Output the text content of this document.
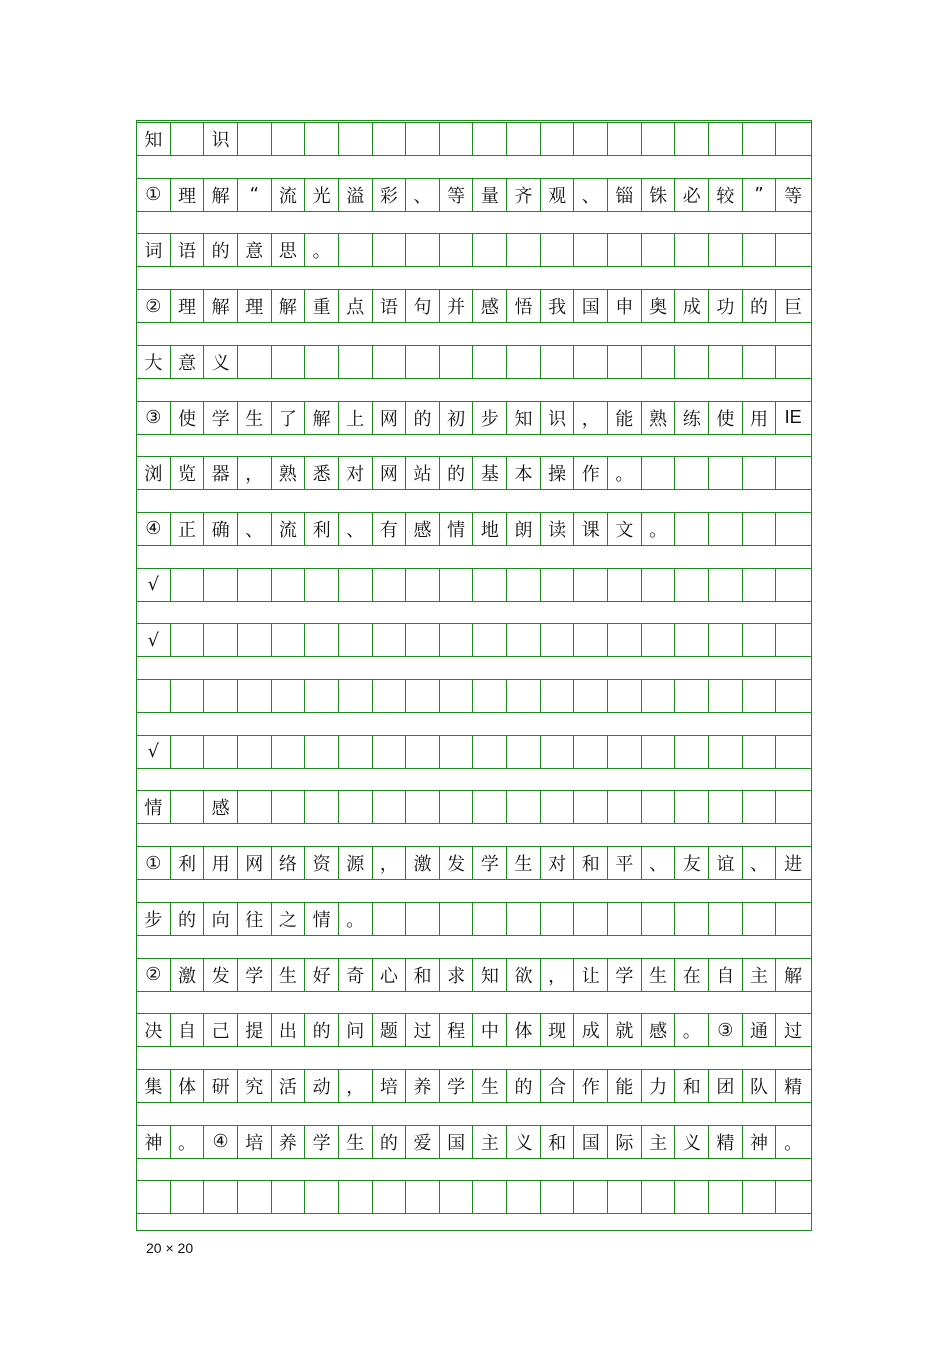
知	识
① 理 解	“	流 光 溢 彩 、 等 量 齐 观 、 锱 铢 必 较	”	等
词 语 的 意 思 。
② 理 解 理 解 重 点 语 句 并 感 悟 我 国 申 奥 成 功 的 巨
大 意 义
③ 使 学 生 了 解 上 网 的 初 步 知 识 ， 能 熟 练 使 用 IE
浏 览 器 ， 熟 悉 对 网 站 的 基 本 操 作 。
④ 正 确 、 流 利 、 有 感 情 地 朗 读 课 文 。
√
√
√
情	感
① 利 用 网 络 资 源 ， 激 发 学 生 对 和 平 、 友 谊 、 进
步 的 向 往 之 情 。
② 激 发 学 生 好 奇 心 和 求 知 欲 ， 让 学 生 在 自 主 解
决 自 己 提 出 的 问 题 过 程 中 体 现 成 就 感 。 ③ 通 过
集 体 研 究 活 动 ， 培 养 学 生 的 合 作 能 力 和 团 队 精
神 。 ④ 培 养 学 生 的 爱 国 主 义 和 国 际 主 义 精 神 。
20 × 20
